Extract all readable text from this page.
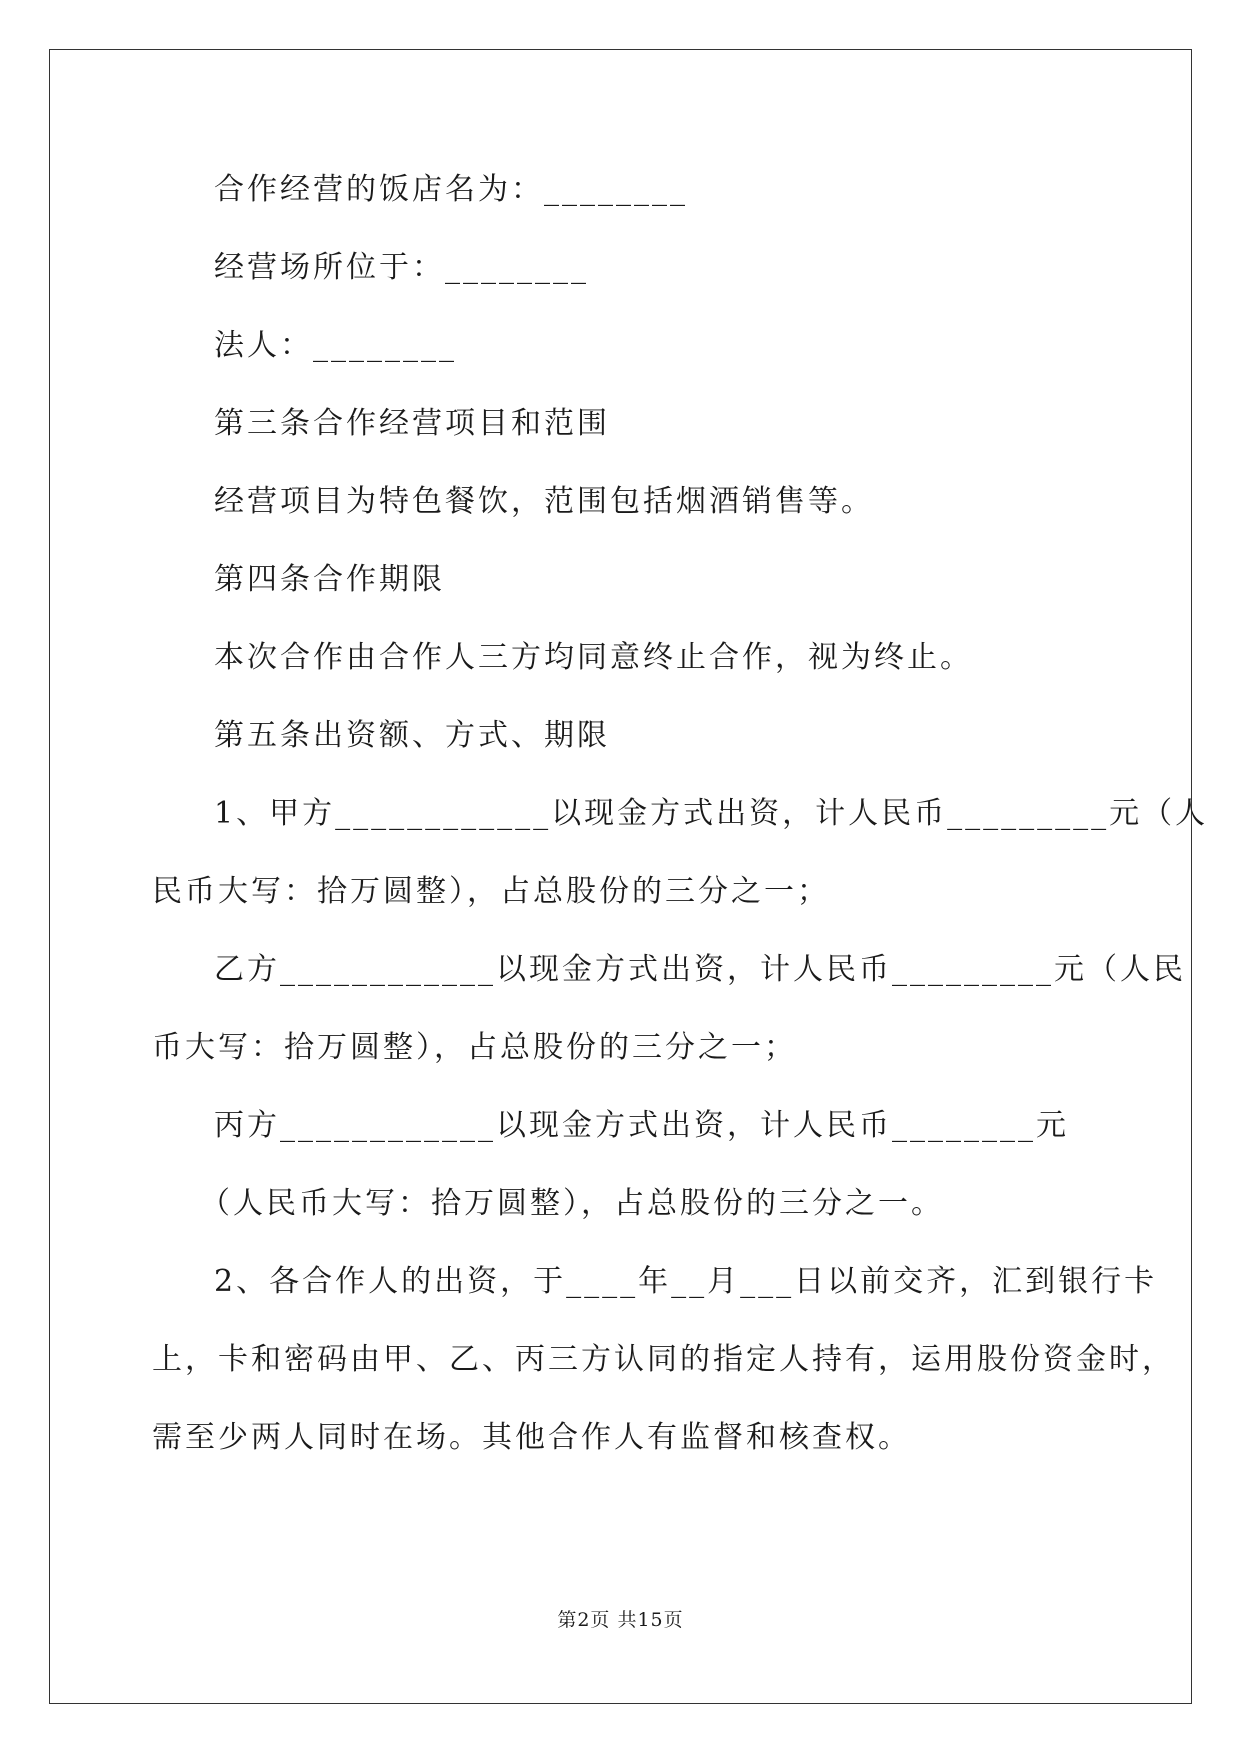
合作经营的饭店名为：________
经营场所位于：________
法人：________
第三条合作经营项目和范围
经营项目为特色餐饮，范围包括烟酒销售等。
第四条合作期限
本次合作由合作人三方均同意终止合作，视为终止。
第五条出资额、方式、期限
1、甲方____________以现金方式出资，计人民币_________元（人
民币大写：拾万圆整），占总股份的三分之一；
乙方____________以现金方式出资，计人民币_________元（人民
币大写：拾万圆整），占总股份的三分之一；
丙方____________以现金方式出资，计人民币________元
（人民币大写：拾万圆整），占总股份的三分之一。
2、各合作人的出资，于____年__月___日以前交齐，汇到银行卡
上，卡和密码由甲、乙、丙三方认同的指定人持有，运用股份资金时，
需至少两人同时在场。其他合作人有监督和核查权。
第2页 共15页
